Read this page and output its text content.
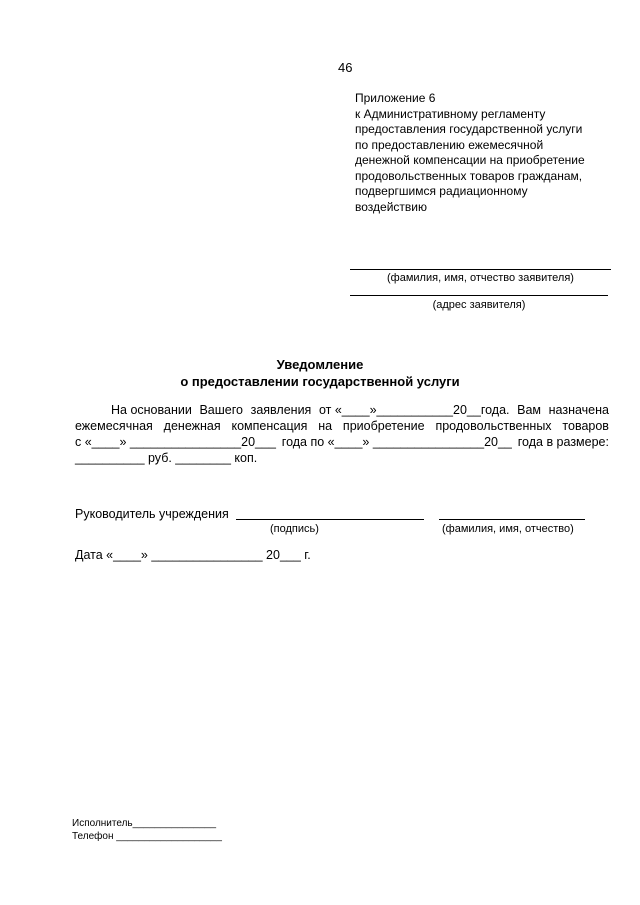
46
Приложение 6
к Административному регламенту
предоставления государственной услуги
по предоставлению ежемесячной
денежной компенсации на приобретение
продовольственных товаров гражданам,
подвергшимся радиационному
воздействию
(фамилия, имя, отчество заявителя)
(адрес заявителя)
Уведомление
о предоставлении государственной услуги
На основании Вашего заявления от «____»___________20__года. Вам назначена
ежемесячная денежная компенсация на приобретение продовольственных товаров
с «____» ________________20___ года по «____» ________________20__ года в размере:
__________ руб. ________ коп.
Руководитель учреждения
(подпись)	(фамилия, имя, отчество)
Дата «____» ________________ 20___ г.
Исполнитель_______________
Телефон ___________________
